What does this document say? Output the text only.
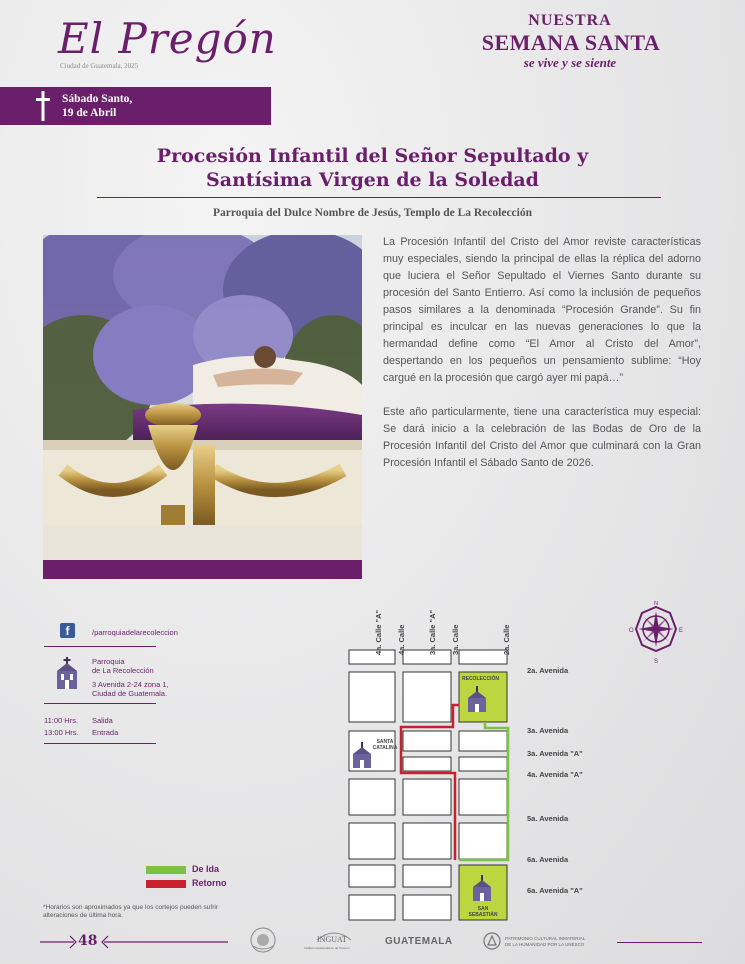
El Pregón
Ciudad de Guatemala, 2025
NUESTRA
SEMANA SANTA
se vive y se siente
Sábado Santo,
19 de Abril
Procesión Infantil del Señor Sepultado y
Santísima Virgen de la Soledad
Parroquia del Dulce Nombre de Jesús, Templo de La Recolección

La Procesión Infantil del Cristo del Amor reviste características muy especiales, siendo la principal de ellas la réplica del adorno que luciera el Señor Sepultado el Viernes Santo durante su procesión del Santo Entierro. Así como la inclusión de pequeños pasos similares a la denominada “Procesión Grande”. Su fin principal es inculcar en las nuevas generaciones lo que la hermandad define como “El Amor al Cristo del Amor”, despertando en los pequeños un pensamiento sublime: “Hoy cargué en la procesión que cargó ayer mi papá…”

Este año particularmente, tiene una característica muy especial: Se dará inicio a la celebración de las Bodas de Oro de la Procesión Infantil del Cristo del Amor que culminará con la Gran Procesión Infantil el Sábado Santo de 2026.

f	/parroquiadelarecoleccion
Parroquia
de La Recolección
3 Avenida 2-24 zona 1,
Ciudad de Guatemala.
11:00 Hrs. Salida
13:00 Hrs. Entrada
4a. Calle "A" 4a. Calle	3a. Calle "A" 3a. Calle	2a. Calle
2a. Avenida
3a. Avenida
3a. Avenida "A"
4a. Avenida "A"
5a. Avenida
6a. Avenida
6a. Avenida "A"
RECOLECCIÓN
SANTA CATALINA
SAN SEBASTIÁN
N
S
E
O
De Ida
Retorno
*Horarios son aproximados ya que los cortejos pueden sufrir alteraciones de última hora.
48	INGUAT
Instituto Guatemalteco de Turismo
GUATEMALA	PATRIMONIO CULTURAL INMATERIAL
DE LA HUMANIDAD POR LA UNESCO
